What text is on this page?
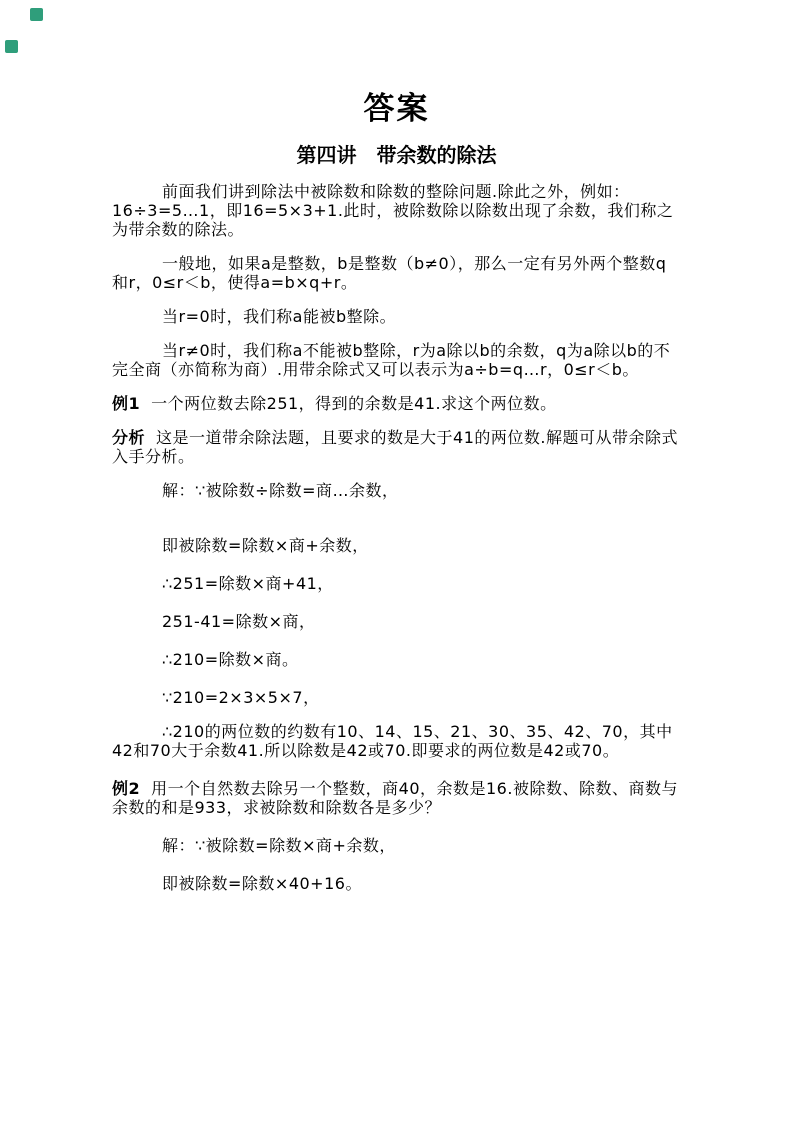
答案
第四讲　带余数的除法

前面我们讲到除法中被除数和除数的整除问题.除此之外，例如：16÷3=5…1，即16=5×3+1.此时，被除数除以除数出现了余数，我们称之为带余数的除法。

一般地，如果a是整数，b是整数（b≠0），那么一定有另外两个整数q和r，0≤r＜b，使得a=b×q+r。

当r=0时，我们称a能被b整除。

当r≠0时，我们称a不能被b整除，r为a除以b的余数，q为a除以b的不完全商（亦简称为商）.用带余除式又可以表示为a÷b=q…r，0≤r＜b。

例1 一个两位数去除251，得到的余数是41.求这个两位数。

分析 这是一道带余除法题，且要求的数是大于41的两位数.解题可从带余除式入手分析。

解：∵被除数÷除数=商…余数，

即被除数=除数×商+余数，

∴251=除数×商+41，

251-41=除数×商，

∴210=除数×商。

∵210=2×3×5×7，

∴210的两位数的约数有10、14、15、21、30、35、42、70，其中42和70大于余数41.所以除数是42或70.即要求的两位数是42或70。

例2 用一个自然数去除另一个整数，商40，余数是16.被除数、除数、商数与余数的和是933，求被除数和除数各是多少？

解：∵被除数=除数×商+余数，

即被除数=除数×40+16。
